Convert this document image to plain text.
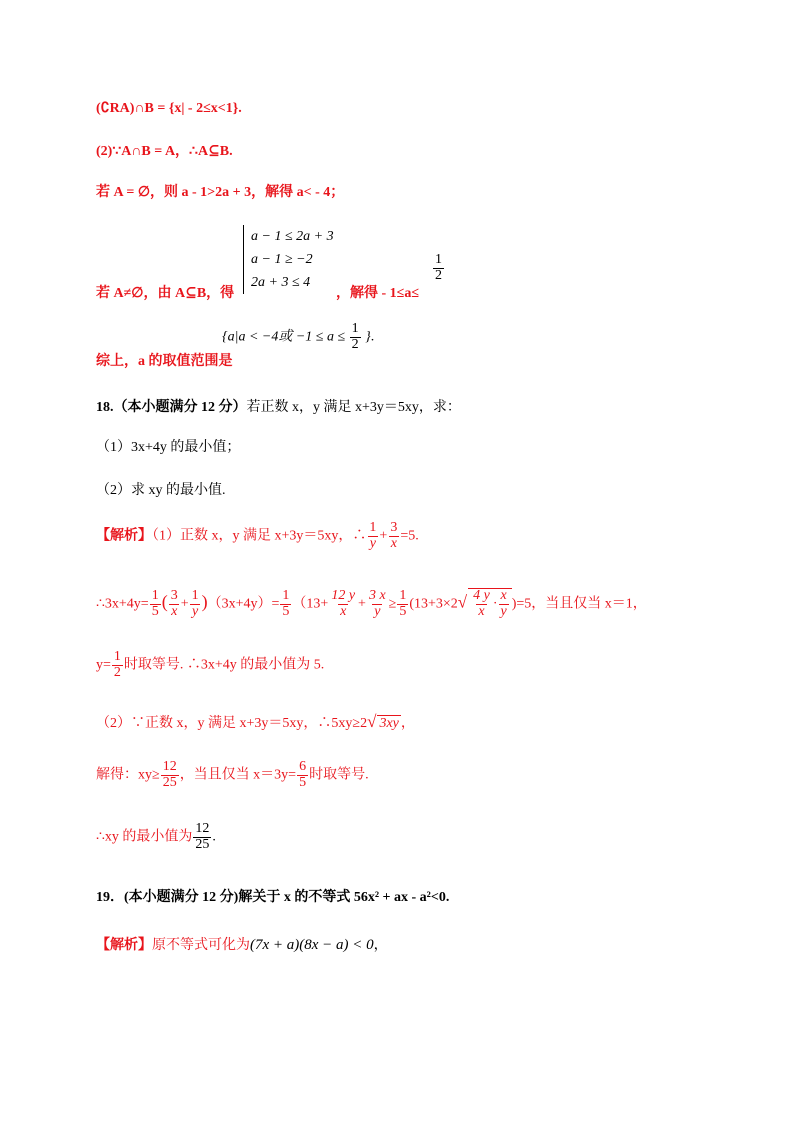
(∁RA)∩B = {x| - 2≤x<1}.
(2)∵A∩B = A，∴A⊆B.
若 A = ∅，则 a - 1>2a + 3，解得 a< - 4；
a − 1 ≤ 2a + 3
a − 1 ≥ −2
2a + 3 ≤ 4
若 A≠∅，由 A⊆B，得	，解得 - 1≤a≤
$\frac{1}{2}$
综上，a 的取值范围是
{a|a < −4或 $-1 \le a \le \frac{1}{2}$ }.
18.（本小题满分 12 分）若正数 x，y 满足 x+3y＝5xy，求：
（1）3x+4y 的最小值；
（2）求 xy 的最小值.
【解析】（1）正数 x，y 满足 x+3y＝5xy，∴ $\frac{1}{y} + \frac{3}{x} =5$.
∴3x+4y= $\frac{1}{5}$ ( $\frac{3}{x} + \frac{1}{y} )(3x+4y)= \frac{1}{5} (13+ \frac{12 y}{x} + \frac{3 x}{y} \ge \frac{1}{5} (13+3\times 2√ \frac{4 y}{x} \cdot \frac{x}{y} )=5$，当且仅当 x＝1，
$y= \frac{1}{2}$ 时取等号. ∴3x+4y 的最小值为 5.
（2）∵正数 x，y 满足 x+3y＝5xy，∴5xy≥2√ 3xy ，
解得：$xy\ge \frac{12}{25}$ ，当且仅当 $x=3y= \frac{6}{5}$ 时取等号.
∴xy 的最小值为 $\frac{12}{25}$ .
19．(本小题满分 12 分)解关于 x 的不等式 56x² + ax - a²<0.
【解析】原不等式可化为(7x + a)(8x − a) < 0，
